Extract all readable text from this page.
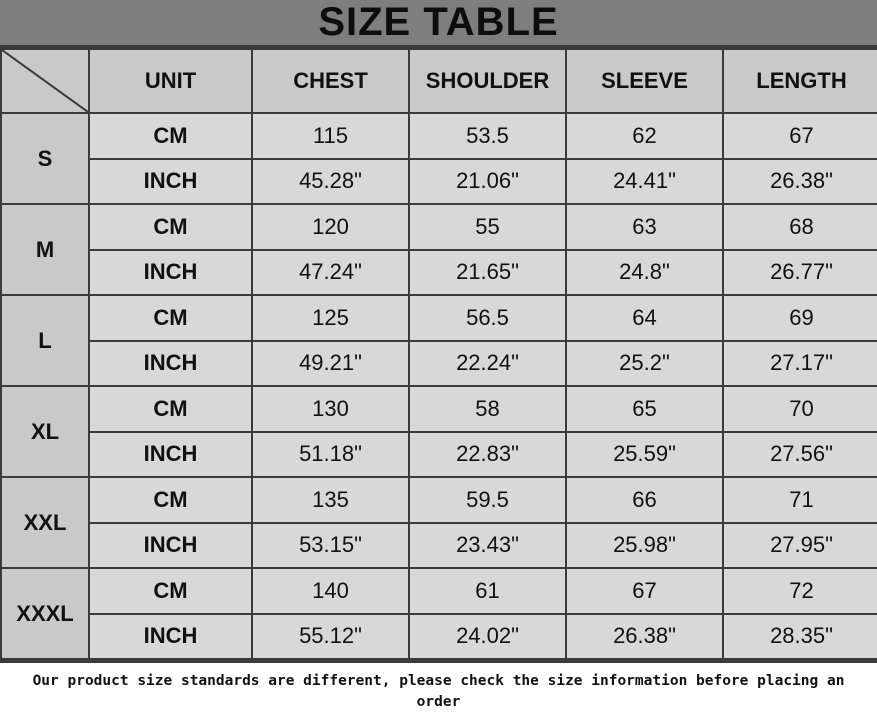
SIZE TABLE
	UNIT	CHEST	SHOULDER	SLEEVE	LENGTH
S	CM	115	53.5	62	67
	INCH	45.28"	21.06"	24.41"	26.38"
M	CM	120	55	63	68
	INCH	47.24"	21.65"	24.8"	26.77"
L	CM	125	56.5	64	69
	INCH	49.21"	22.24"	25.2"	27.17"
XL	CM	130	58	65	70
	INCH	51.18"	22.83"	25.59"	27.56"
XXL	CM	135	59.5	66	71
	INCH	53.15"	23.43"	25.98"	27.95"
XXXL	CM	140	61	67	72
	INCH	55.12"	24.02"	26.38"	28.35"
Our product size standards are different, please check the size information before placing an order
